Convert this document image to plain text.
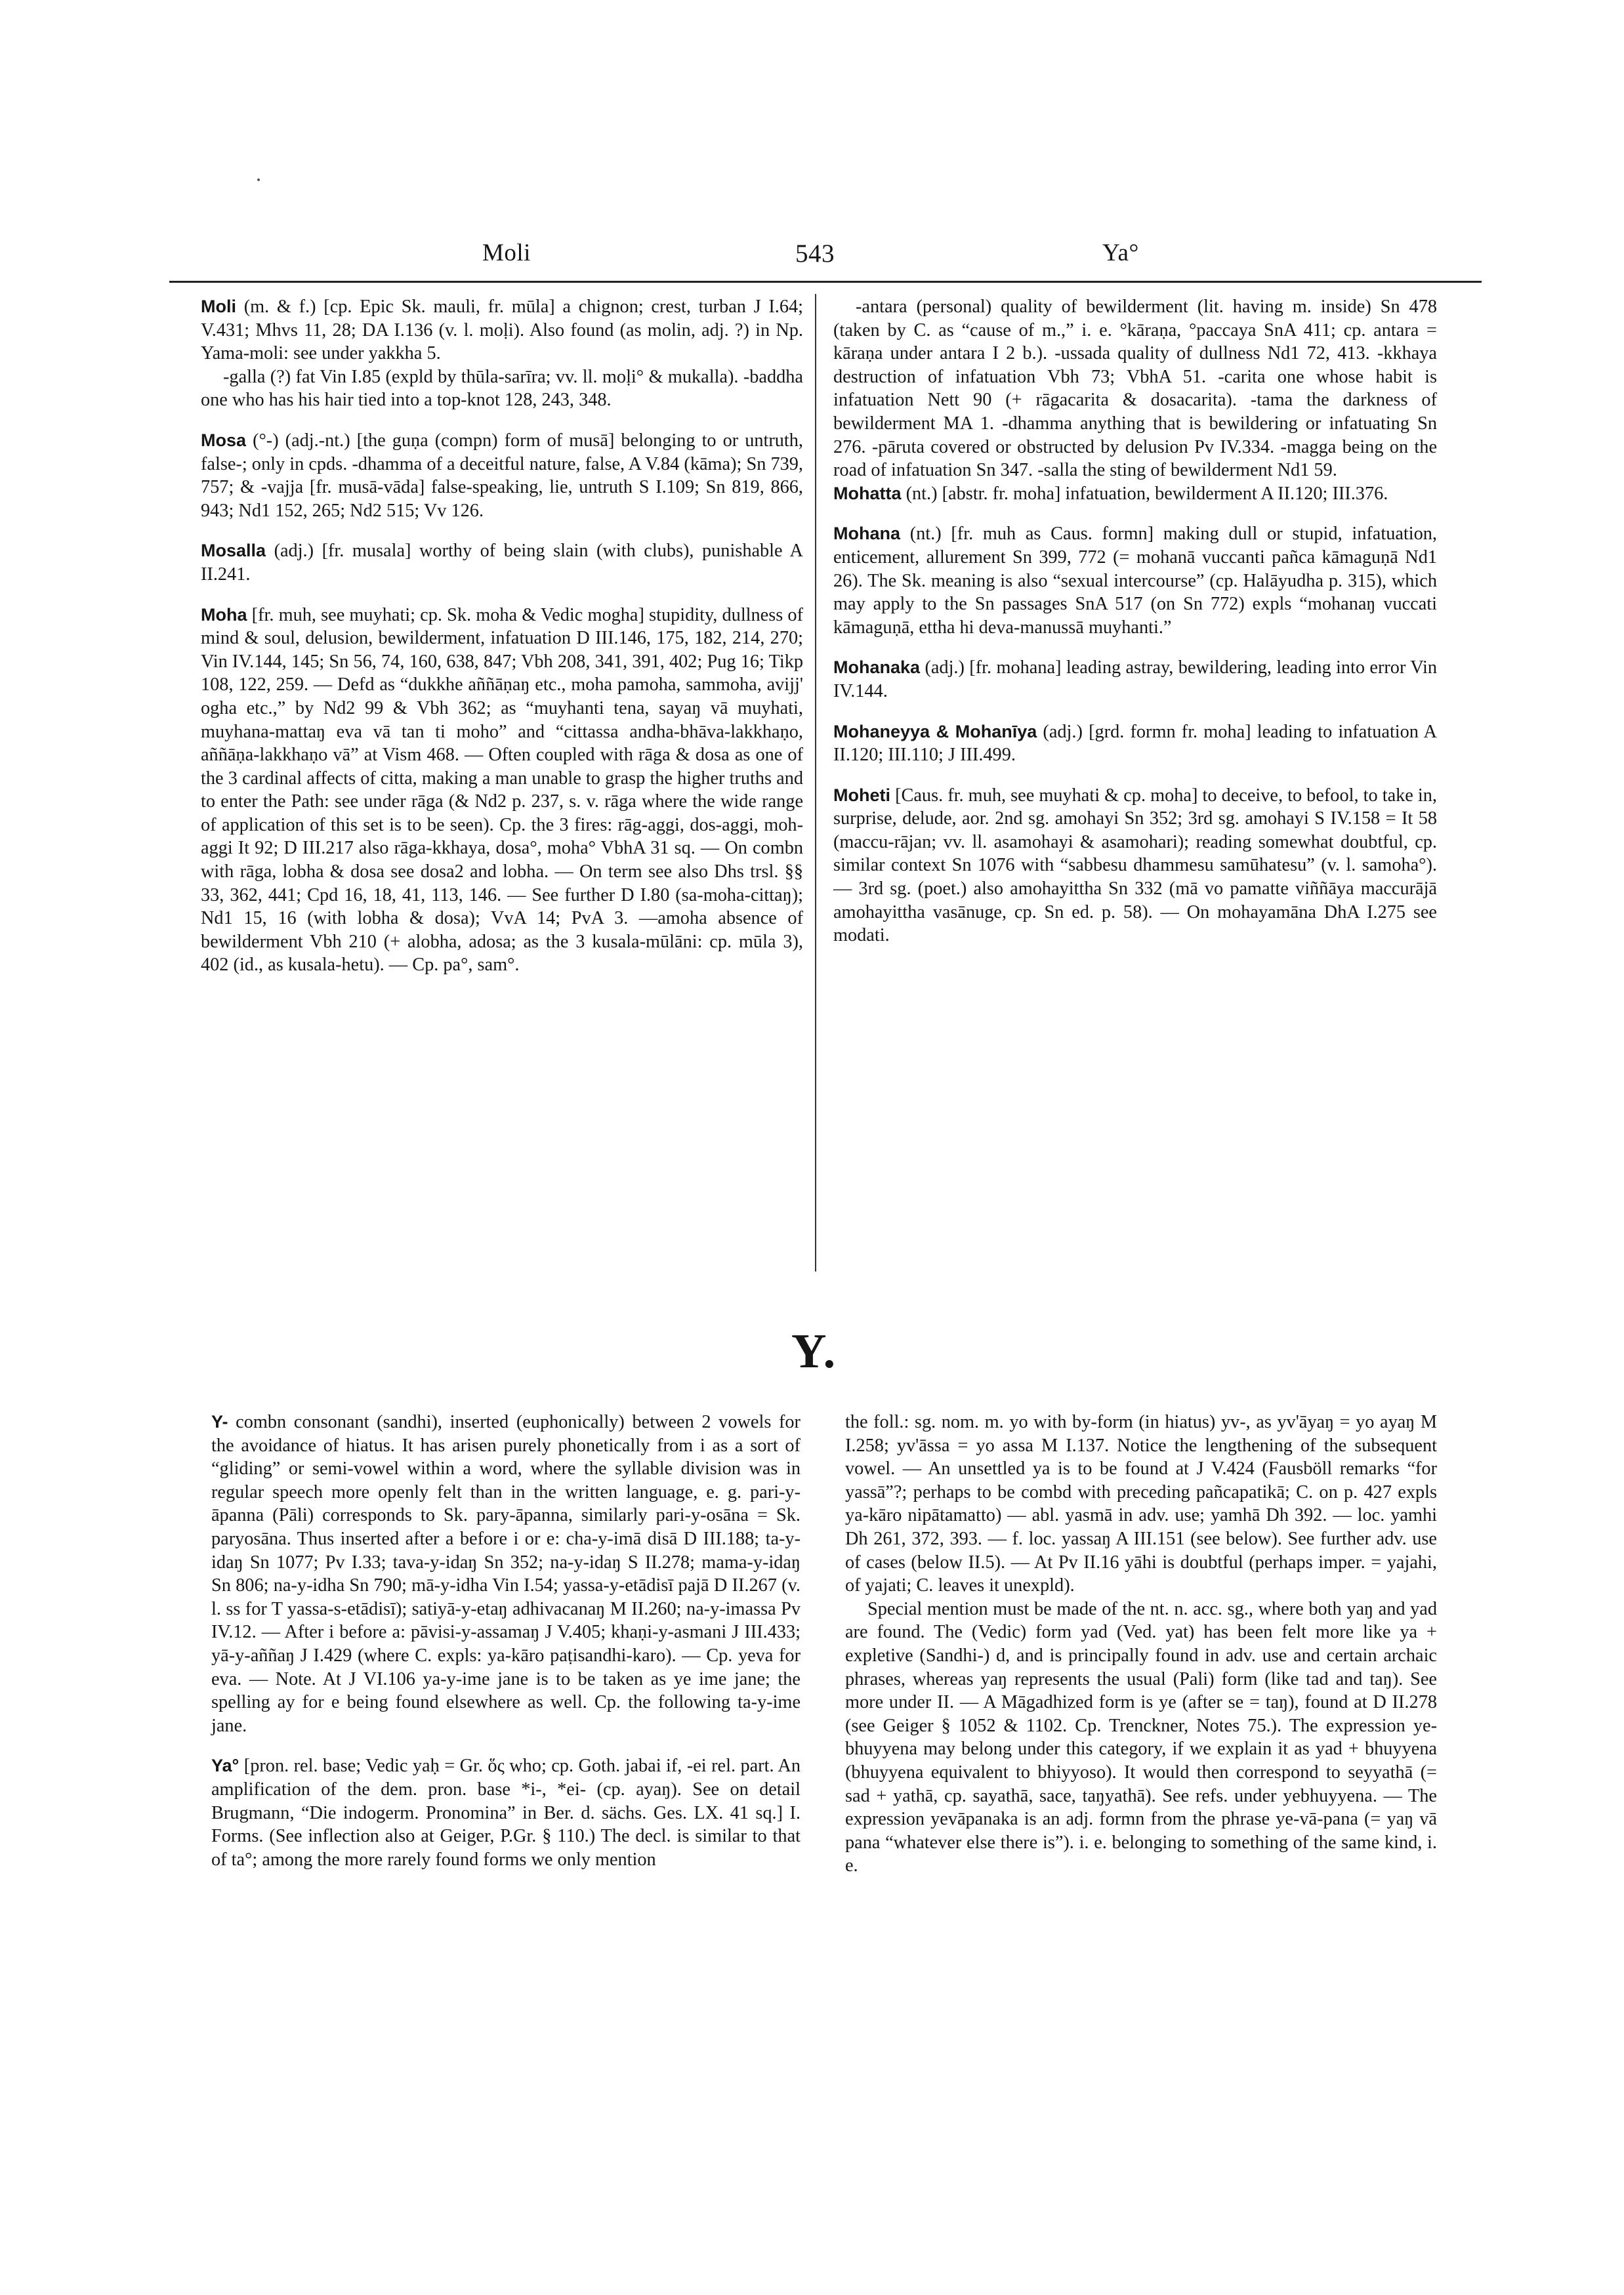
Moli	543	Ya°

Moli (m. & f.) [cp. Epic Sk. mauli, fr. mūla] a chignon; crest, turban J I.64; V.431; Mhvs 11, 28; DA I.136 (v. l. moḷi). Also found (as molin, adj. ?) in Np. Yama-moli: see under yakkha 5.
-galla (?) fat Vin I.85 (expld by thūla-sarīra; vv. ll. moḷi° & mukalla). -baddha one who has his hair tied into a top-knot 128, 243, 348.

Mosa (°-) (adj.-nt.) [the guṇa (compn) form of musā] belonging to or untruth, false-; only in cpds. -dhamma of a deceitful nature, false, A V.84 (kāma); Sn 739, 757; & -vajja [fr. musā-vāda] false-speaking, lie, untruth S I.109; Sn 819, 866, 943; Nd1 152, 265; Nd2 515; Vv 126.

Mosalla (adj.) [fr. musala] worthy of being slain (with clubs), punishable A II.241.

Moha [fr. muh, see muyhati; cp. Sk. moha & Vedic mogha] stupidity, dullness of mind & soul, delusion, bewilderment, infatuation D III.146, 175, 182, 214, 270; Vin IV.144, 145; Sn 56, 74, 160, 638, 847; Vbh 208, 341, 391, 402; Pug 16; Tikp 108, 122, 259. — Defd as “dukkhe aññāṇaŋ etc., moha pamoha, sammoha, avijj' ogha etc.,” by Nd2 99 & Vbh 362; as “muyhanti tena, sayaŋ vā muyhati, muyhana-mattaŋ eva vā tan ti moho” and “cittassa andha-bhāva-lakkhaṇo, aññāṇa-lakkhaṇo vā” at Vism 468. — Often coupled with rāga & dosa as one of the 3 cardinal affects of citta, making a man unable to grasp the higher truths and to enter the Path: see under rāga (& Nd2 p. 237, s. v. rāga where the wide range of application of this set is to be seen). Cp. the 3 fires: rāg-aggi, dos-aggi, moh-aggi It 92; D III.217 also rāga-kkhaya, dosa°, moha° VbhA 31 sq. — On combn with rāga, lobha & dosa see dosa2 and lobha. — On term see also Dhs trsl. §§ 33, 362, 441; Cpd 16, 18, 41, 113, 146. — See further D I.80 (sa-moha-cittaŋ); Nd1 15, 16 (with lobha & dosa); VvA 14; PvA 3. —amoha absence of bewilderment Vbh 210 (+ alobha, adosa; as the 3 kusala-mūlāni: cp. mūla 3), 402 (id., as kusala-hetu). — Cp. pa°, sam°.

-antara (personal) quality of bewilderment (lit. having m. inside) Sn 478 (taken by C. as “cause of m.,” i. e. °kāraṇa, °paccaya SnA 411; cp. antara = kāraṇa under antara I 2 b.). -ussada quality of dullness Nd1 72, 413. -kkhaya destruction of infatuation Vbh 73; VbhA 51. -carita one whose habit is infatuation Nett 90 (+ rāgacarita & dosacarita). -tama the darkness of bewilderment MA 1. -dhamma anything that is bewildering or infatuating Sn 276. -pāruta covered or obstructed by delusion Pv IV.334. -magga being on the road of infatuation Sn 347. -salla the sting of bewilderment Nd1 59.

Mohatta (nt.) [abstr. fr. moha] infatuation, bewilderment A II.120; III.376.

Mohana (nt.) [fr. muh as Caus. formn] making dull or stupid, infatuation, enticement, allurement Sn 399, 772 (= mohanā vuccanti pañca kāmaguṇā Nd1 26). The Sk. meaning is also “sexual intercourse” (cp. Halāyudha p. 315), which may apply to the Sn passages SnA 517 (on Sn 772) expls “mohanaŋ vuccati kāmaguṇā, ettha hi deva-manussā muyhanti.”

Mohanaka (adj.) [fr. mohana] leading astray, bewildering, leading into error Vin IV.144.

Mohaneyya & Mohanīya (adj.) [grd. formn fr. moha] leading to infatuation A II.120; III.110; J III.499.

Moheti [Caus. fr. muh, see muyhati & cp. moha] to deceive, to befool, to take in, surprise, delude, aor. 2nd sg. amohayi Sn 352; 3rd sg. amohayi S IV.158 = It 58 (maccu-rājan; vv. ll. asamohayi & asamohari); reading somewhat doubtful, cp. similar context Sn 1076 with “sabbesu dhammesu samūhatesu” (v. l. samoha°). — 3rd sg. (poet.) also amohayittha Sn 332 (mā vo pamatte viññāya maccurājā amohayittha vasānuge, cp. Sn ed. p. 58). — On mohayamāna DhA I.275 see modati.

Y.

Y- combn consonant (sandhi), inserted (euphonically) between 2 vowels for the avoidance of hiatus. It has arisen purely phonetically from i as a sort of “gliding” or semi-vowel within a word, where the syllable division was in regular speech more openly felt than in the written language, e. g. pari-y-āpanna (Pāli) corresponds to Sk. pary-āpanna, similarly pari-y-osāna = Sk. paryosāna. Thus inserted after a before i or e: cha-y-imā disā D III.188; ta-y-idaŋ Sn 1077; Pv I.33; tava-y-idaŋ Sn 352; na-y-idaŋ S II.278; mama-y-idaŋ Sn 806; na-y-idha Sn 790; mā-y-idha Vin I.54; yassa-y-etādisī pajā D II.267 (v. l. ss for T yassa-s-etādisī); satiyā-y-etaŋ adhivacanaŋ M II.260; na-y-imassa Pv IV.12. — After i before a: pāvisi-y-assamaŋ J V.405; khaṇi-y-asmani J III.433; yā-y-aññaŋ J I.429 (where C. expls: ya-kāro paṭisandhi-karo). — Cp. yeva for eva. — Note. At J VI.106 ya-y-ime jane is to be taken as ye ime jane; the spelling ay for e being found elsewhere as well. Cp. the following ta-y-ime jane.

Ya° [pron. rel. base; Vedic yaḥ = Gr. ὅς who; cp. Goth. jabai if, -ei rel. part. An amplification of the dem. pron. base *i-, *ei- (cp. ayaŋ). See on detail Brugmann, “Die indogerm. Pronomina” in Ber. d. sächs. Ges. LX. 41 sq.] I. Forms. (See inflection also at Geiger, P.Gr. § 110.) The decl. is similar to that of ta°; among the more rarely found forms we only mention

the foll.: sg. nom. m. yo with by-form (in hiatus) yv-, as yv'āyaŋ = yo ayaŋ M I.258; yv'āssa = yo assa M I.137. Notice the lengthening of the subsequent vowel. — An unsettled ya is to be found at J V.424 (Fausböll remarks “for yassā”?; perhaps to be combd with preceding pañcapatikā; C. on p. 427 expls ya-kāro nipātamatto) — abl. yasmā in adv. use; yamhā Dh 392. — loc. yamhi Dh 261, 372, 393. — f. loc. yassaŋ A III.151 (see below). See further adv. use of cases (below II.5). — At Pv II.16 yāhi is doubtful (perhaps imper. = yajahi, of yajati; C. leaves it unexpld).

Special mention must be made of the nt. n. acc. sg., where both yaŋ and yad are found. The (Vedic) form yad (Ved. yat) has been felt more like ya + expletive (Sandhi-) d, and is principally found in adv. use and certain archaic phrases, whereas yaŋ represents the usual (Pali) form (like tad and taŋ). See more under II. — A Māgadhized form is ye (after se = taŋ), found at D II.278 (see Geiger § 1052 & 1102. Cp. Trenckner, Notes 75.). The expression ye-bhuyyena may belong under this category, if we explain it as yad + bhuyyena (bhuyyena equivalent to bhiyyoso). It would then correspond to seyyathā (= sad + yathā, cp. sayathā, sace, taŋyathā). See refs. under yebhuyyena. — The expression yevāpanaka is an adj. formn from the phrase ye-vā-pana (= yaŋ vā pana “whatever else there is”). i. e. belonging to something of the same kind, i. e.
